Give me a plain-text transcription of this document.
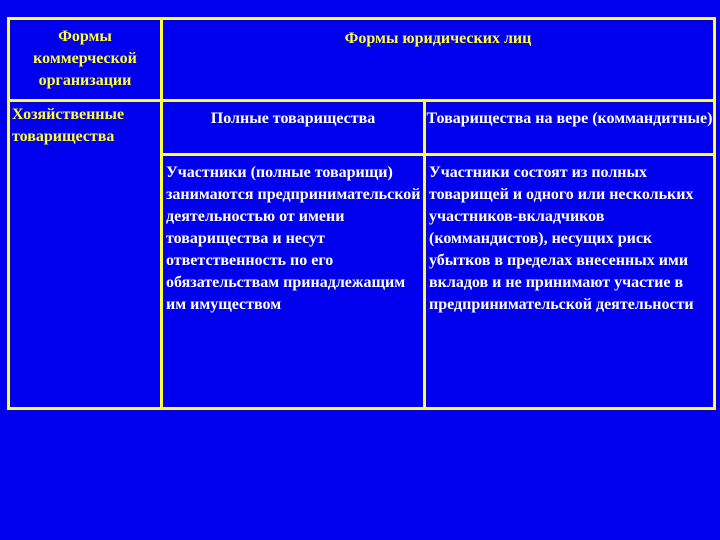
Формы коммерческой организации	Формы юридических лиц	
Хозяйственные товарищества	Полные товарищества	Товарищества на вере (коммандитные)
	Участники (полные товарищи) занимаются предпринимательской деятельностью от имени товарищества и несут ответственность по его обязательствам принадлежащим им имуществом	Участники состоят из полных товарищей и одного или нескольких участников-вкладчиков (коммандистов), несущих риск убытков в пределах внесенных ими вкладов и не принимают участие в предпринимательской деятельности
